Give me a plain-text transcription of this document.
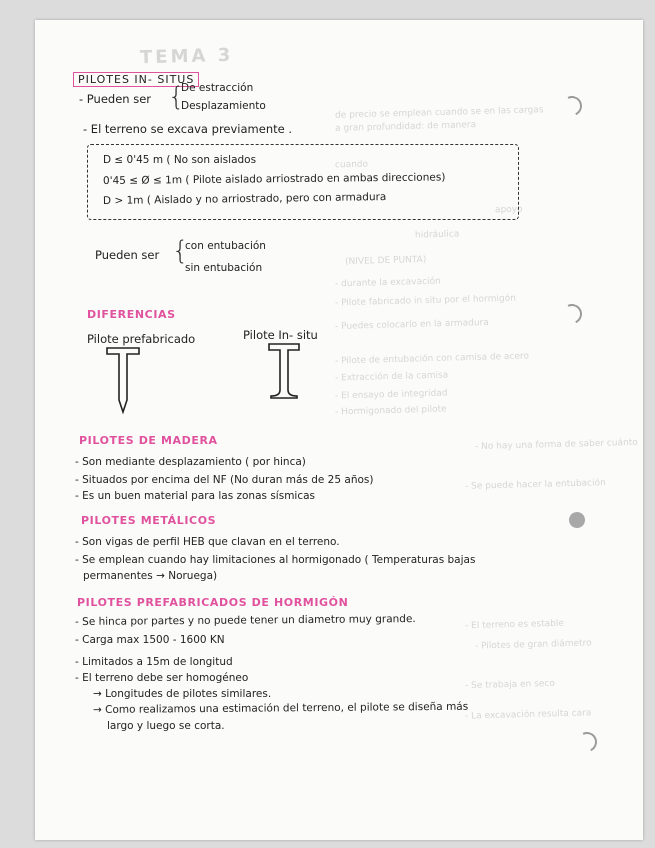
TEMA 3
de precio se emplean cuando se en las cargas
a gran profundidad: de manera
cuando
apoyo
hidráulica
(NIVEL DE PUNTA)
- durante la excavación
- Pilote fabricado in situ por el hormigón
- Puedes colocarlo en la armadura
- Pilote de entubación con camisa de acero
- Extracción de la camisa
- El ensayo de integridad
- Hormigonado del pilote
- No hay una forma de saber cuánto
- Se puede hacer la entubación
- El terreno es estable
- Pilotes de gran diámetro
- Se trabaja en seco
- La excavación resulta cara
PILOTES IN- SITUS
- Pueden ser {
De estracción
Desplazamiento
- El terreno se excava previamente .
D ≤ 0'45 m ( No son aislados
0'45 ≤ Ø ≤ 1m ( Pilote aislado arriostrado en ambas direcciones)
D > 1m ( Aislado y no arriostrado, pero con armadura
Pueden ser {
con entubación
sin entubación
DIFERENCIAS
Pilote prefabricado	Pilote In- situ
PILOTES DE MADERA
- Son mediante desplazamiento ( por hinca)
- Situados por encima del NF (No duran más de 25 años)
- Es un buen material para las zonas sísmicas
PILOTES METÁLICOS
- Son vigas de perfil HEB que clavan en el terreno.
- Se emplean cuando hay limitaciones al hormigonado ( Temperaturas bajas
permanentes → Noruega)
PILOTES PREFABRICADOS DE HORMIGÓN
- Se hinca por partes y no puede tener un diametro muy grande.
- Carga max 1500 - 1600 KN
- Limitados a 15m de longitud
- El terreno debe ser homogéneo
→ Longitudes de pilotes similares.
→ Como realizamos una estimación del terreno, el pilote se diseña más
largo y luego se corta.
